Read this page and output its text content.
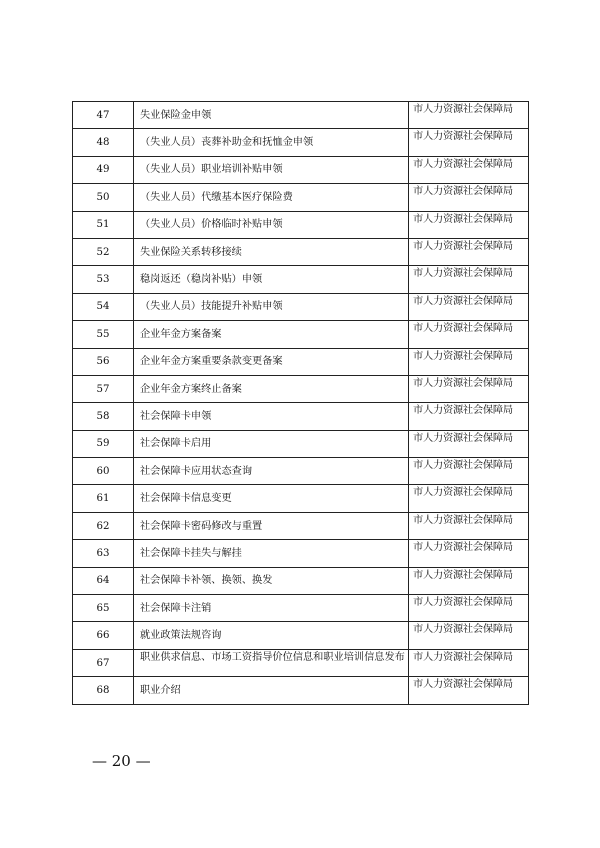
47	失业保险金申领	市人力资源社会保障局
48	（失业人员）丧葬补助金和抚恤金申领	市人力资源社会保障局
49	（失业人员）职业培训补贴申领	市人力资源社会保障局
50	（失业人员）代缴基本医疗保险费	市人力资源社会保障局
51	（失业人员）价格临时补贴申领	市人力资源社会保障局
52	失业保险关系转移接续	市人力资源社会保障局
53	稳岗返还（稳岗补贴）申领	市人力资源社会保障局
54	（失业人员）技能提升补贴申领	市人力资源社会保障局
55	企业年金方案备案	市人力资源社会保障局
56	企业年金方案重要条款变更备案	市人力资源社会保障局
57	企业年金方案终止备案	市人力资源社会保障局
58	社会保障卡申领	市人力资源社会保障局
59	社会保障卡启用	市人力资源社会保障局
60	社会保障卡应用状态查询	市人力资源社会保障局
61	社会保障卡信息变更	市人力资源社会保障局
62	社会保障卡密码修改与重置	市人力资源社会保障局
63	社会保障卡挂失与解挂	市人力资源社会保障局
64	社会保障卡补领、换领、换发	市人力资源社会保障局
65	社会保障卡注销	市人力资源社会保障局
66	就业政策法规咨询	市人力资源社会保障局
67	职业供求信息、市场工资指导价位信息和职业培训信息发布	市人力资源社会保障局
68	职业介绍	市人力资源社会保障局
— 20 —
